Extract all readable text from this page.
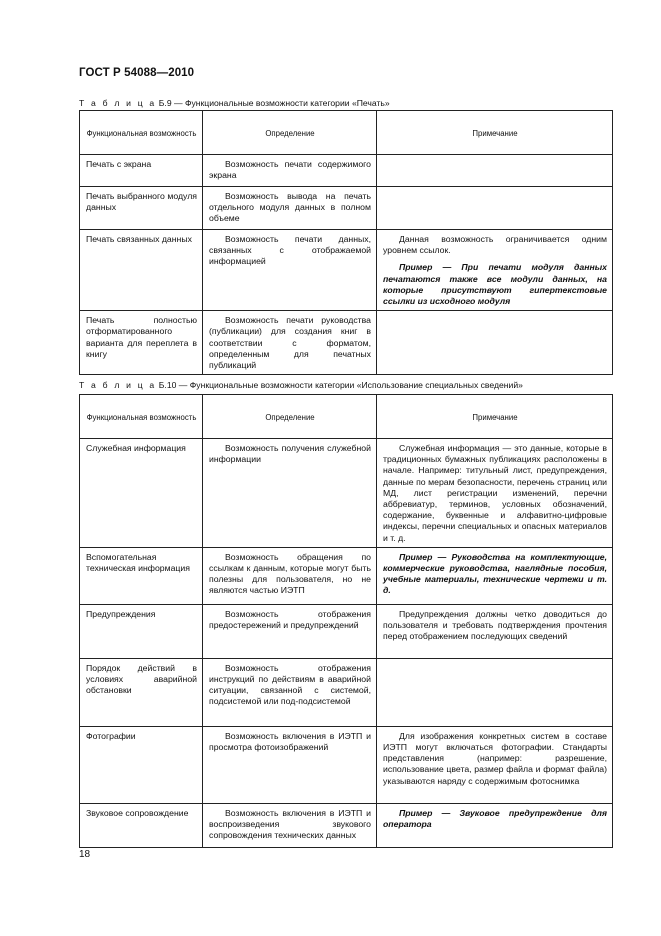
ГОСТ Р 54088—2010
Т а б л и ц а Б.9 — Функциональные возможности категории «Печать»
Функциональная возможность	Определение	Примечание
Печать с экрана	Возможность печати содержимого экрана	
Печать выбранного модуля данных	Возможность вывода на печать отдельного модуля данных в полном объеме	
Печать связанных данных	Возможность печати данных, связанных с отображаемой информацией	Данная возможность ограничивается одним уровнем ссылок.

Пример — При печати модуля данных печатаются также все модули данных, на которые присутствуют гипертекстовые ссылки из исходного модуля

Печать полностью отформатированного варианта для переплета в книгу	Возможность печати руководства (публикации) для создания книг в соответствии с форматом, определенным для печатных публикаций	
Т а б л и ц а Б.10 — Функциональные возможности категории «Использование специальных сведений»
Функциональная возможность	Определение	Примечание
Служебная информация	Возможность получения служебной информации	Служебная информация — это данные, которые в традиционных бумажных публикациях расположены в начале. Например: титульный лист, предупреждения, данные по мерам безопасности, перечень страниц или МД, лист регистрации изменений, перечни аббревиатур, терминов, условных обозначений, содержание, буквенные и алфавитно-цифровые индексы, перечни специальных и опасных материалов и т. д.

Вспомогательная техническая информация	Возможность обращения по ссылкам к данным, которые могут быть полезны для пользователя, но не являются частью ИЭТП	Пример — Руководства на комплектующие, коммерческие руководства, наглядные пособия, учебные материалы, технические чертежи и т. д.

Предупреждения	Возможность отображения предостережений и предупреждений	Предупреждения должны четко доводиться до пользователя и требовать подтверждения прочтения перед отображением последующих сведений

Порядок действий в условиях аварийной обстановки	Возможность отображения инструкций по действиям в аварийной ситуации, связанной с системой, подсистемой или под-подсистемой	
Фотографии	Возможность включения в ИЭТП и просмотра фотоизображений	Для изображения конкретных систем в составе ИЭТП могут включаться фотографии. Стандарты представления (например: разрешение, использование цвета, размер файла и формат файла) указываются наряду с содержимым фотоснимка

Звуковое сопровождение	Возможность включения в ИЭТП и воспроизведения звукового сопровождения технических данных	Пример — Звуковое предупреждение для оператора

18
